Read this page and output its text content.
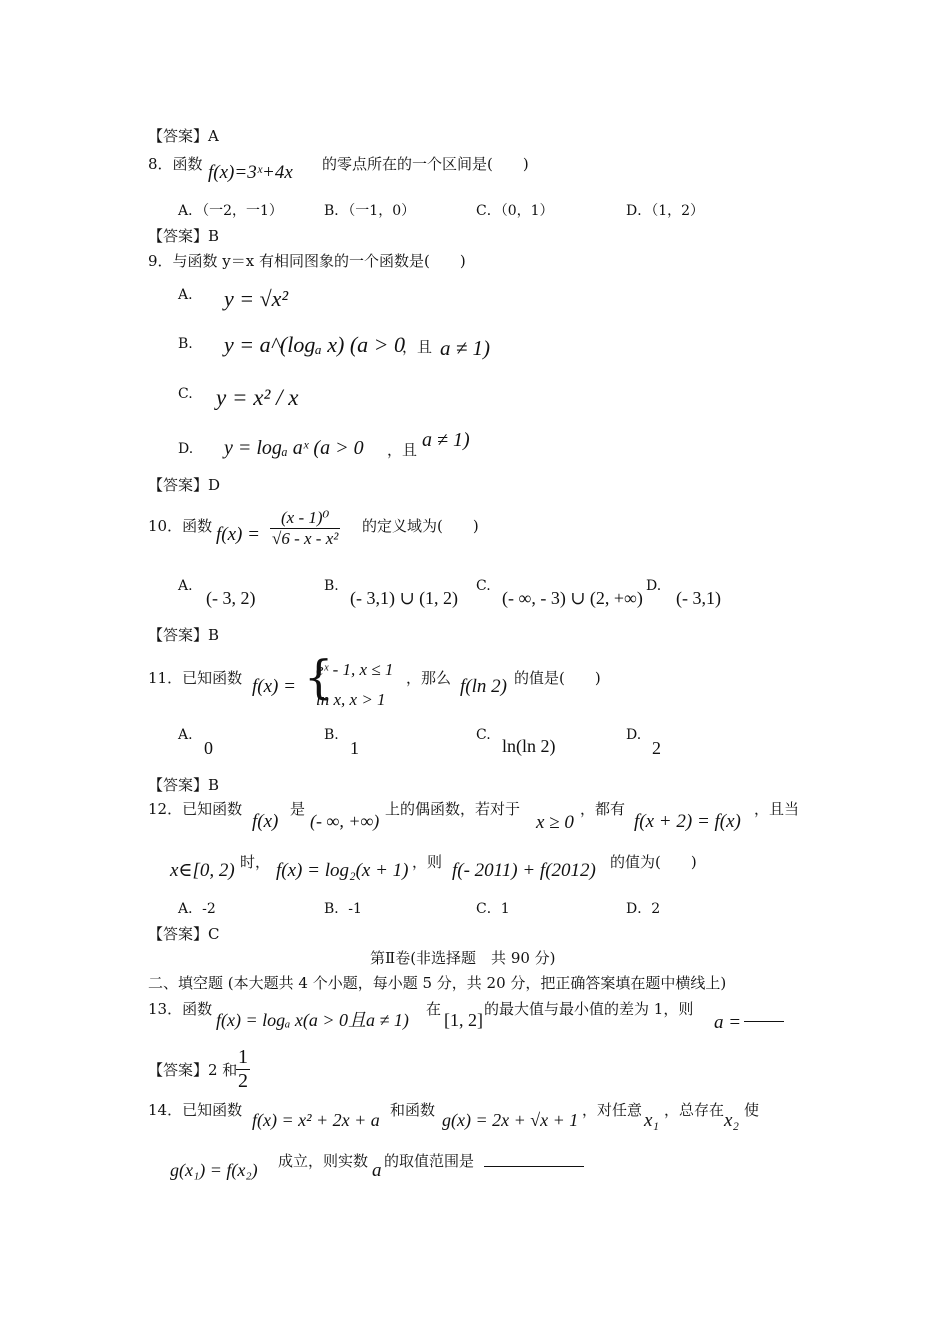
【答案】A
8．函数 f(x)=3ˣ+4x 的零点所在的一个区间是(　　)
A．（一2，一1）	B．（一1，0）	C．（0，1）	D．（1，2）
【答案】B
9．与函数 y＝x 有相同图象的一个函数是(　　)
A. y = √x²
B. y = a^(logₐ x) (a > 0
，且 a ≠ 1)
C. y = x² / x
D. y = logₐ aˣ (a > 0 ，且 a ≠ 1)
【答案】D
10．函数 $f(x) = \frac{\text{(x - 1)⁰}}{\text{√6 - x - x²}}$ 的定义域为(　　)
A.
(- 3, 2)
B.
(- 3,1) ∪ (1, 2)
C.
(- ∞, - 3) ∪ (2, +∞)
D.
(- 3,1)
【答案】B
11．已知函数 f(x) = {
eˣ - 1, x ≤ 1
ln x, x > 1
，那么 f(ln 2) 的值是(　　)
A.
0
B.
1
C.
ln(ln 2)
D.
2
【答案】B
12．已知函数
f(x)
是
(- ∞, +∞)
上的偶函数，若对于
x ≥ 0
，都有
f(x + 2) = f(x)
，且当
x∈[0, 2) 时， f(x) = log₂(x + 1) ，则 f(- 2011) + f(2012) 的值为(　　)
A．-2	B．-1	C．1	D．2
【答案】C
第Ⅱ卷(非选择题　共 90 分)
二、填空题 (本大题共 4 个小题，每小题 5 分，共 20 分，把正确答案填在题中横线上)
13．函数
f(x) = logₐ x(a > 0且a ≠ 1)
在
[1, 2]
的最大值与最小值的差为 1，则
a =
【答案】2 和
$\frac{1}{2}$
14．已知函数 f(x) = x² + 2x + a 和函数 g(x) = 2x + √x + 1 ，对任意 x₁ ，总存在 x₂ 使
g(x₁) = f(x₂) 成立，则实数 a 的取值范围是
